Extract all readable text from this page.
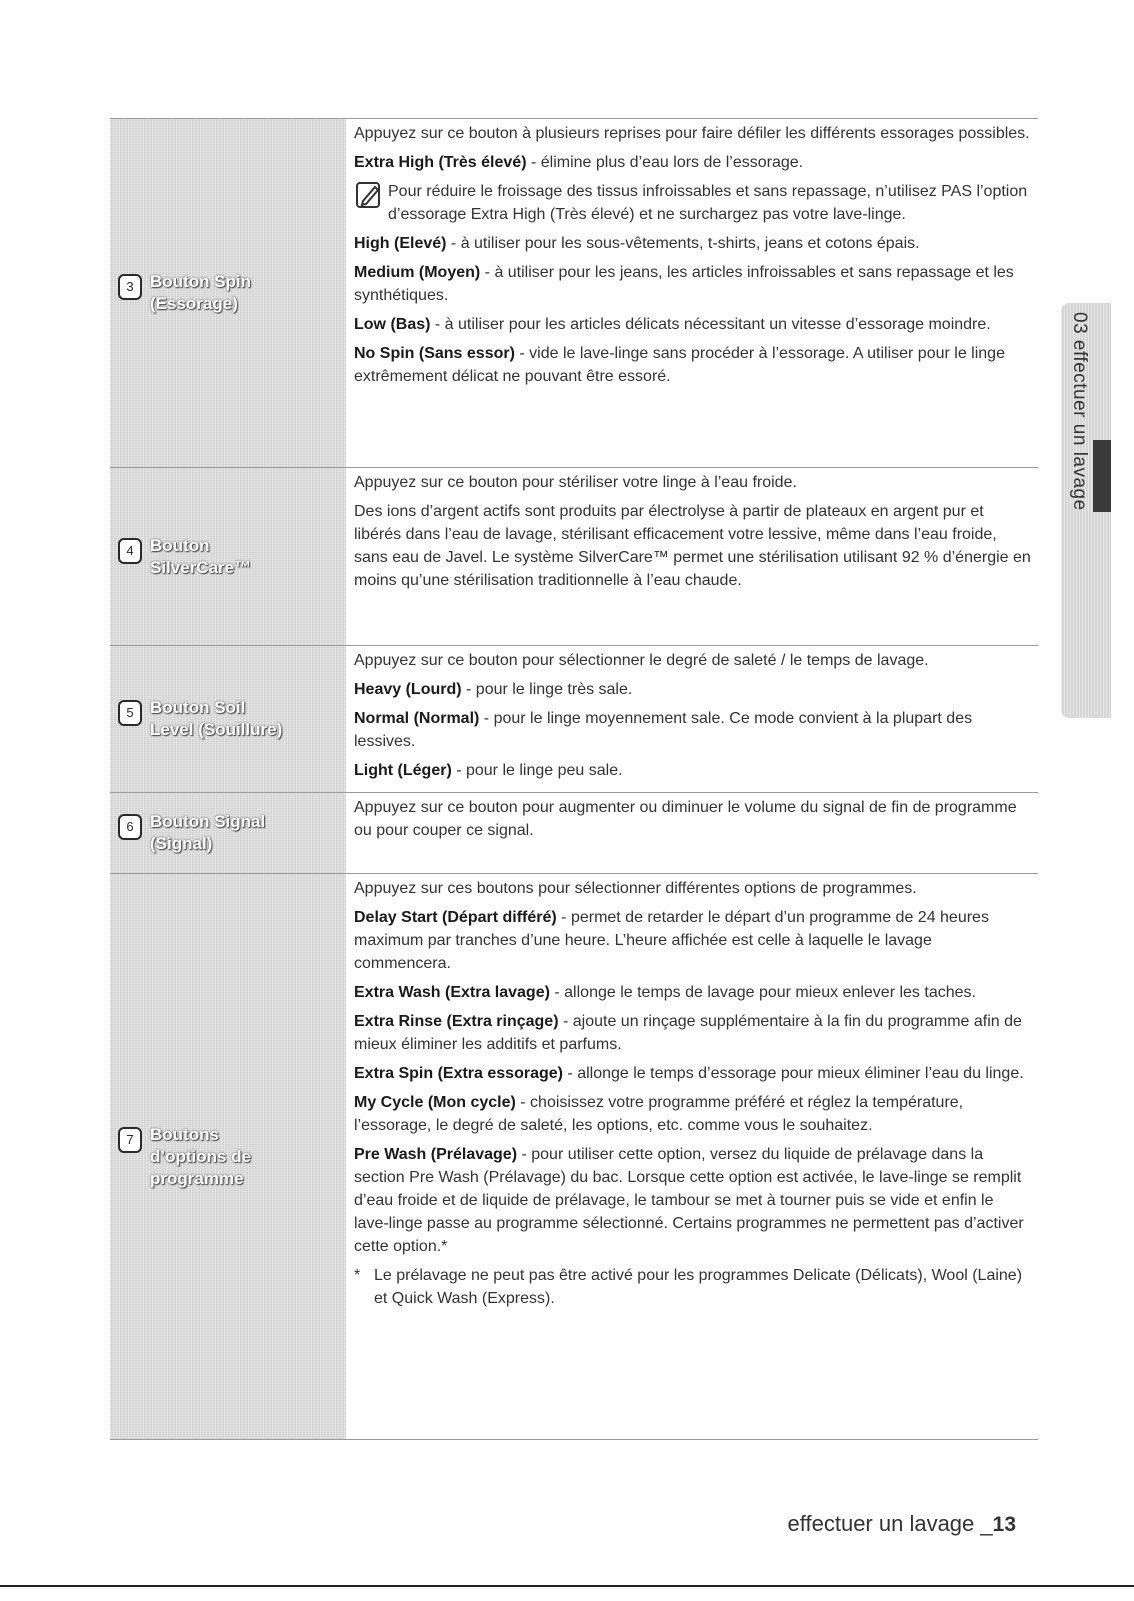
03 effectuer un lavage
3 Bouton Spin
(Essorage)

Appuyez sur ce bouton à plusieurs reprises pour faire défiler les différents essorages possibles.

Extra High (Très élevé) - élimine plus d’eau lors de l’essorage.

Pour réduire le froissage des tissus infroissables et sans repassage, n’utilisez PAS l’option d’essorage Extra High (Très élevé) et ne surchargez pas votre lave-linge.

High (Elevé) - à utiliser pour les sous-vêtements, t-shirts, jeans et cotons épais.

Medium (Moyen) - à utiliser pour les jeans, les articles infroissables et sans repassage et les synthétiques.

Low (Bas) - à utiliser pour les articles délicats nécessitant un vitesse d’essorage moindre.

No Spin (Sans essor) - vide le lave-linge sans procéder à l’essorage. A utiliser pour le linge extrêmement délicat ne pouvant être essoré.

4 Bouton
SilverCare™

Appuyez sur ce bouton pour stériliser votre linge à l’eau froide.

Des ions d’argent actifs sont produits par électrolyse à partir de plateaux en argent pur et libérés dans l’eau de lavage, stérilisant efficacement votre lessive, même dans l’eau froide, sans eau de Javel. Le système SilverCare™ permet une stérilisation utilisant 92 % d’énergie en moins qu’une stérilisation traditionnelle à l’eau chaude.

5 Bouton Soil
Level (Souillure)

Appuyez sur ce bouton pour sélectionner le degré de saleté / le temps de lavage.

Heavy (Lourd) - pour le linge très sale.

Normal (Normal) - pour le linge moyennement sale. Ce mode convient à la plupart des lessives.

Light (Léger) - pour le linge peu sale.

6 Bouton Signal
(Signal)

Appuyez sur ce bouton pour augmenter ou diminuer le volume du signal de fin de programme ou pour couper ce signal.

7 Boutons
d’options de
programme

Appuyez sur ces boutons pour sélectionner différentes options de programmes.

Delay Start (Départ différé) - permet de retarder le départ d’un programme de 24 heures maximum par tranches d’une heure. L’heure affichée est celle à laquelle le lavage commencera.

Extra Wash (Extra lavage) - allonge le temps de lavage pour mieux enlever les taches.

Extra Rinse (Extra rinçage) - ajoute un rinçage supplémentaire à la fin du programme afin de mieux éliminer les additifs et parfums.

Extra Spin (Extra essorage) - allonge le temps d’essorage pour mieux éliminer l’eau du linge.

My Cycle (Mon cycle) - choisissez votre programme préféré et réglez la température, l’essorage, le degré de saleté, les options, etc. comme vous le souhaitez.

Pre Wash (Prélavage) - pour utiliser cette option, versez du liquide de prélavage dans la section Pre Wash (Prélavage) du bac. Lorsque cette option est activée, le lave-linge se remplit d’eau froide et de liquide de prélavage, le tambour se met à tourner puis se vide et enfin le lave-linge passe au programme sélectionné. Certains programmes ne permettent pas d’activer cette option.*

* Le prélavage ne peut pas être activé pour les programmes Delicate (Délicats), Wool (Laine) et Quick Wash (Express).

effectuer un lavage _13
